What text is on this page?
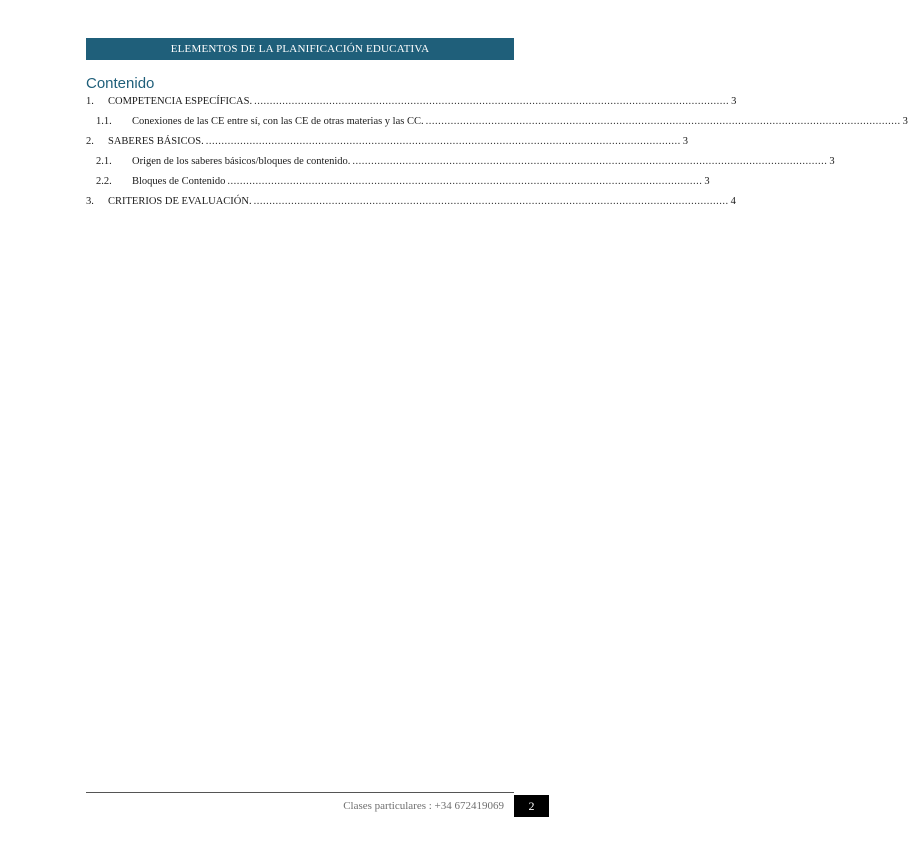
ELEMENTOS DE LA PLANIFICACIÓN EDUCATIVA
Contenido
1.	COMPETENCIA ESPECÍFICAS. ........................................................................................................................................................ 3
1.1.	Conexiones de las CE entre sí, con las CE de otras materias y las CC. ........................................................................................................................................................ 3
2.	SABERES BÁSICOS. ........................................................................................................................................................ 3
2.1.	Origen de los saberes básicos/bloques de contenido. ........................................................................................................................................................ 3
2.2.	Bloques de Contenido ........................................................................................................................................................ 3
3.	CRITERIOS DE EVALUACIÓN. ........................................................................................................................................................ 4
Clases particulares : +34 672419069 2
